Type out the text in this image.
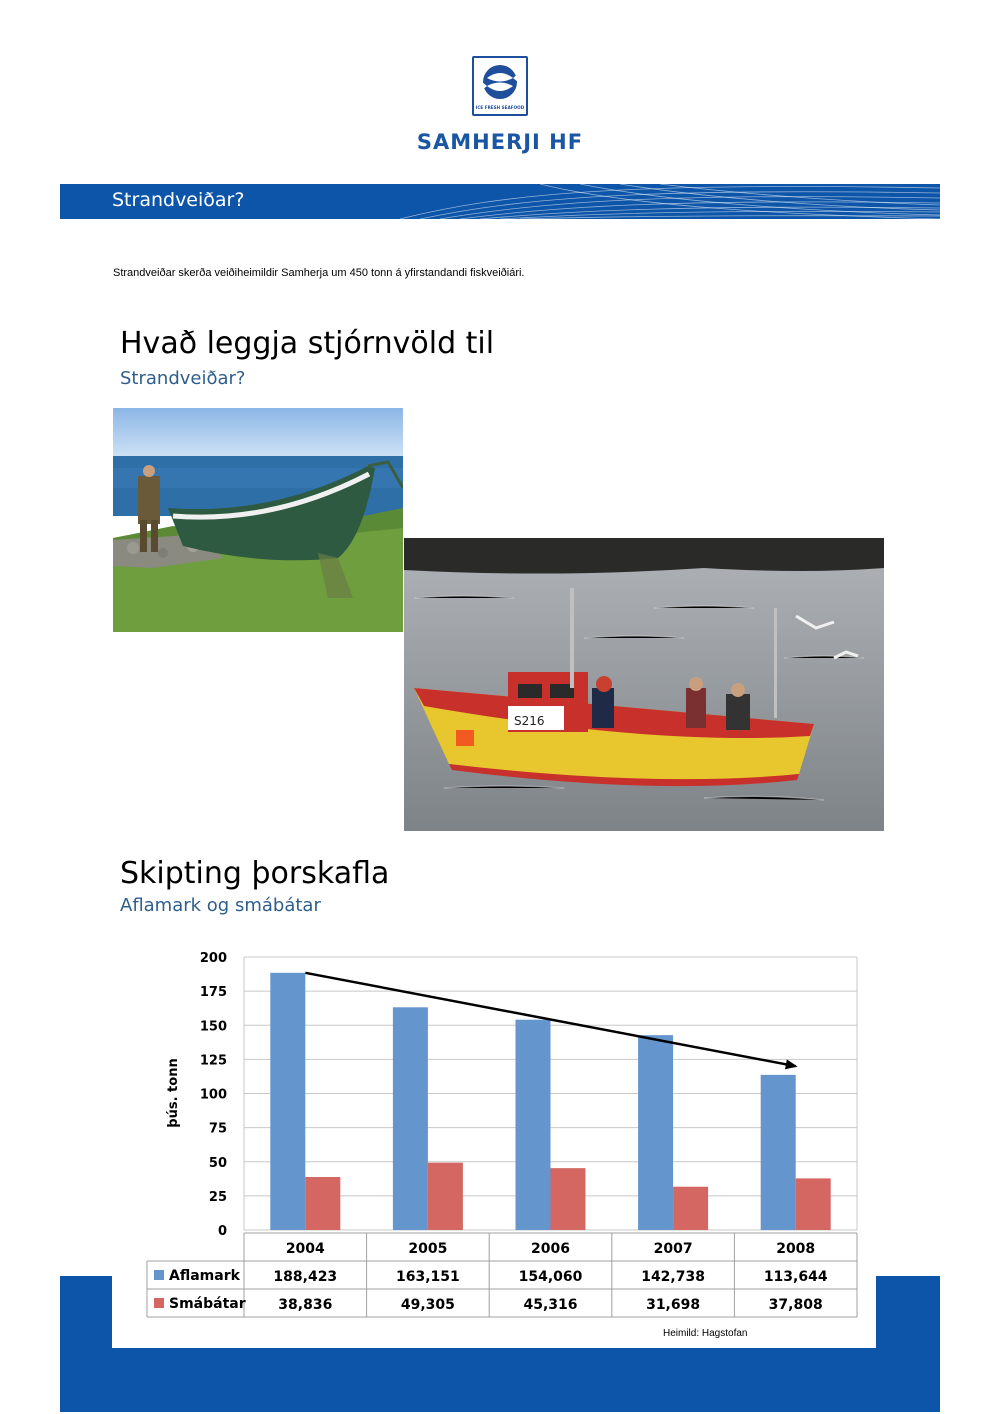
ICE FRESH SEAFOOD
SAMHERJI HF
Strandveiðar?
Strandveiðar skerða veiðiheimildir Samherja um 450 tonn á yfirstandandi fiskveiðiári.
Hvað leggja stjórnvöld til
Strandveiðar?
S216
Skipting þorskafla
Aflamark og smábátar
0
25
50
75
100
125
150
175
200
2004	2005	2006	2007	2008
Aflamark 188,423	163,151	154,060	142,738	113,644
Smábátar 38,836	49,305	45,316	31,698	37,808
þús. tonn
Heimild: Hagstofan
